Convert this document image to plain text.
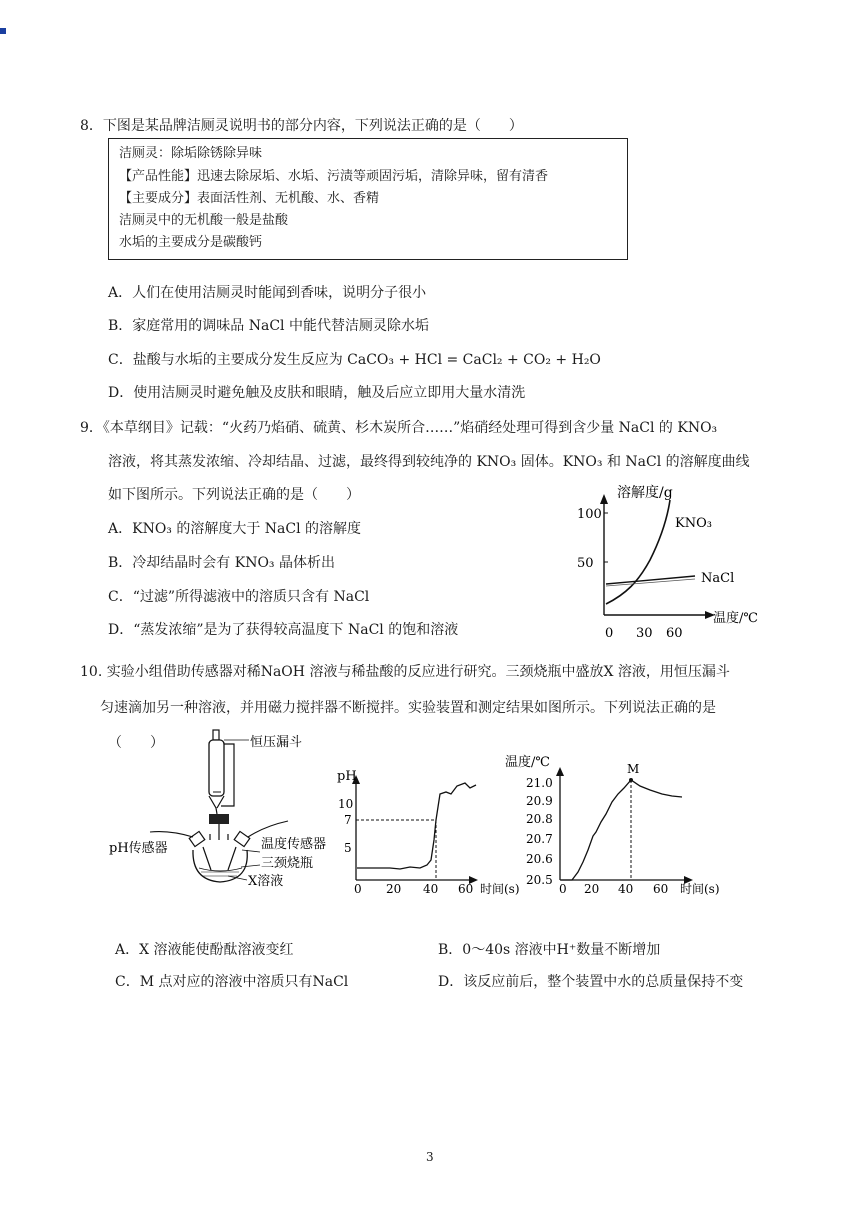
8．下图是某品牌洁厕灵说明书的部分内容，下列说法正确的是（　　）
洁厕灵：除垢除锈除异味
【产品性能】迅速去除尿垢、水垢、污渍等顽固污垢，清除异味，留有清香
【主要成分】表面活性剂、无机酸、水、香精
洁厕灵中的无机酸一般是盐酸
水垢的主要成分是碳酸钙
A．人们在使用洁厕灵时能闻到香味，说明分子很小
B．家庭常用的调味品 NaCl 中能代替洁厕灵除水垢
C．盐酸与水垢的主要成分发生反应为 CaCO₃ + HCl = CaCl₂ + CO₂ + H₂O
D．使用洁厕灵时避免触及皮肤和眼睛，触及后应立即用大量水清洗
9．《本草纲目》记载：“火药乃焰硝、硫黄、杉木炭所合……”焰硝经处理可得到含少量 NaCl 的 KNO₃
溶液，将其蒸发浓缩、冷却结晶、过滤，最终得到较纯净的 KNO₃ 固体。KNO₃ 和 NaCl 的溶解度曲线
如下图所示。下列说法正确的是（　　）
A．KNO₃ 的溶解度大于 NaCl 的溶解度
B．冷却结晶时会有 KNO₃ 晶体析出
C．“过滤”所得滤液中的溶质只含有 NaCl
D．“蒸发浓缩”是为了获得较高温度下 NaCl 的饱和溶液
溶解度/g
KNO₃
NaCl
100
50
0 30 60
温度/℃
10. 实验小组借助传感器对稀NaOH 溶液与稀盐酸的反应进行研究。三颈烧瓶中盛放X 溶液，用恒压漏斗
匀速滴加另一种溶液，并用磁力搅拌器不断搅拌。实验装置和测定结果如图所示。下列说法正确的是
（　　）	恒压漏斗
pH传感器	温度传感器
三颈烧瓶
X溶液
pH
10
7
5
0 20 40 60 时间(s)
M
温度/℃
21.0
20.9
20.8
20.7
20.6
20.5
0 20 40 60 时间(s)
A．X 溶液能使酚酞溶液变红	B．0～40s 溶液中H⁺数量不断增加
C．M 点对应的溶液中溶质只有NaCl	D．该反应前后，整个装置中水的总质量保持不变
3
